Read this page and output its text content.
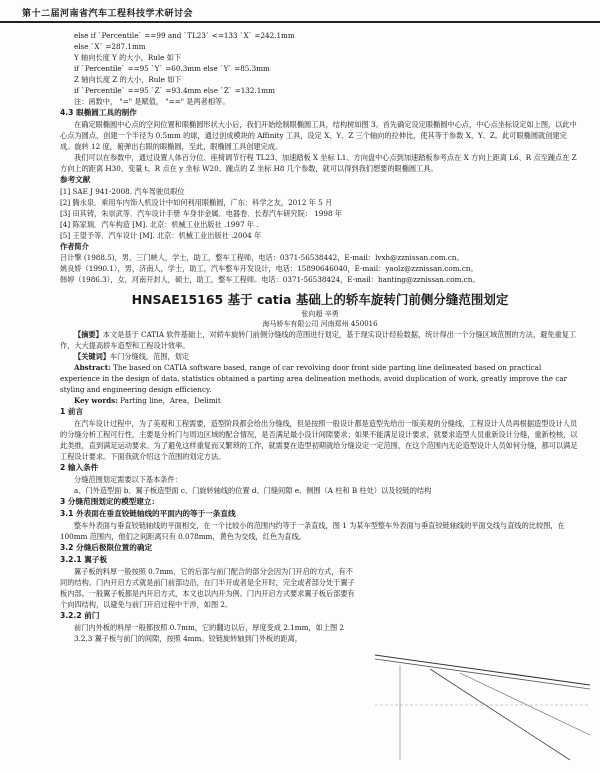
第十二届河南省汽车工程科技学术研讨会
else if `Percentile` ==99 and `TL23` <=133 `X` =242.1mm
else `X` =287.1mm
Y 轴向长度 Y 的大小，Rule 如下
if `Percentile` ==95 `Y` =60.3mm else `Y` =85.3mm
Z 轴向长度 Z 的大小，Rule 如下
if `Percentile` ==95 `Z` =93.4mm else `Z` =132.1mm
注：函数中， "=" 是赋值， "==" 是两者相等。
4.3 眼椭圆工具的制作
在确定眼椭圆中心点的空间位置和眼椭圆形状大小后，我们开始绘制眼椭圆工具，结构树如图 3。首先确定设定眼椭圆中心点，中心点坐标设定如上图，以此中心点为圆点，创建一个半径为 0.5mm 的球，通过创成模块的 Affinity 工具，设定 X、Y、Z 三个轴向的拉伸比，使其等于参数 X、Y、Z。此可眼椭圆就创建完成。旋转 12 度，俯弹出右眼的眼椭圆，至此，眼椭圆工具创建完成。
我们可以在参数中，通过设置人体百分位、座椅调节行程 TL23、加速踏板 X 坐标 L1、方向盘中心点到加速踏板参考点在 X 方向上距离 L6、R 点至踵点在 Z 方向上的距离 H30、变量 t、R 点在 y 坐标 W20、踵点的 Z 坐标 H8 几个参数，就可以得到我们想要的眼椭圆工具。
参考文献
[1] SAE J 941-2008. 汽车驾驶员眼位
[2] 腾永泉．乘用车内饰人机设计中如何利用眼椭圆，广东：科学之友，2012 年 5 月
[3] 田其铸，朱崇武等．汽车设计手册 车身非金属．电器卷．长春汽车研究院： 1998 年
[4] 陈家瑞．汽车构造 [M]. 北京：机械工业出版社 .1997 年 .
[5] 王望予等．汽车设计 [M]. 北京：机械工业出版社 .2004 年
作者简介
吕计擎 (1988.5)，男，三门峡人，学士，助工，整车工程师，电话：0371-56538442，E-mail：lvxh@zznissan.com.cn。
姚良娇（1990.1），男，济南人，学士，助工，汽车整车开发设计，电话：15890646040，E-mail：yaolz@zznissan.com.cn。
韩婷（1986.3），女，河南开封人，硕士，助工，整车工程师。电话：0371-56538424，E-mail：hanting@zznissan.com.cn。
HNSAE15165 基于 catia 基础上的轿车旋转门前侧分缝范围划定
张向超 辛勇
海马轿车有限公司 河南郑州 450016
【摘要】本文是基于 CATIA 软件基础上，对轿车旋转门前侧分缝线的范围进行划定，基于现实设计经验数据，统计得出一个分缝区域范围的方法，避免重复工作，大大提高轿车造型和工程设计效率。
【关键词】车门分缝线，范围，划定
Abstract: The based on CATIA software based, range of car revolving door front side parting line delineated based on practical experience in the design of data, statistics obtained a parting area delineation methods, avoid duplication of work, greatly improve the car styling and engineering design efficiency.
Key words: Parting line，Area，Delimit
1 前言
在汽车设计过程中，为了美观和工程需要，造型阶段都会给出分缝线，但是按照一般设计都是造型先给出一版美观的分缝线，工程设计人员再根据造型设计人员的分缝分析工程可行性，主要是分析门与周边区域的配合情况，是否满足最小设计间隙要求；如果不能满足设计要求，就要求造型人员重新设计分缝，重新校核，以此类推，直到满足运动要求。为了避免这样重复而又繁琐的工作，就需要在造型初期就给分缝设定一定范围，在这个范围内无论造型设计人员如何分缝，都可以满足工程设计要求。下面我就介绍这个范围的划定方法。
2 输入条件
分缝范围划定需要以下基本条件：
a、门外造型面 b、翼子板造型面 c、门旋转轴线的位置 d、门缝间隙 e、侧围（A 柱和 B 柱处）以及铰链的结构
3 分缝范围划定的模型建立：
3.1 外表面在垂直铰链轴线的平面内的等于一条直线
整车外表面与垂直铰链轴线的平面相交，在一个比较小的范围内约等于一条直线，图 1 为某车型整车外表面与垂直铰链轴线的平面交线与直线的比较图，在 100mm 范围内，他们之间距离只有 0.078mm，黄色为交线，红色为直线。
3.2 分缝后极限位置的确定
3.2.1 翼子板
翼子板的料厚一般按照 0.7mm，它的后部与前门配合的部分会因为门开启的方式，有不同的结构。门内开启方式就是前门前部边沿，在门半开或者是全开时，完全或者部分处于翼子板内部。一般翼子板都是内开启方式，本文也以内开为例。门内开启方式要求翼子板后部要有个向四结构，以避免与前门开启过程中干涉，如图 2。
3.2.2 前门
前门内外板的料厚一般都按照 0.7mm，它的翻边以后，厚度变成 2.1mm，如上图 2
3.2.3 翼子板与前门的间隙，按照 4mm。铰链旋转轴到门外板的距离，
